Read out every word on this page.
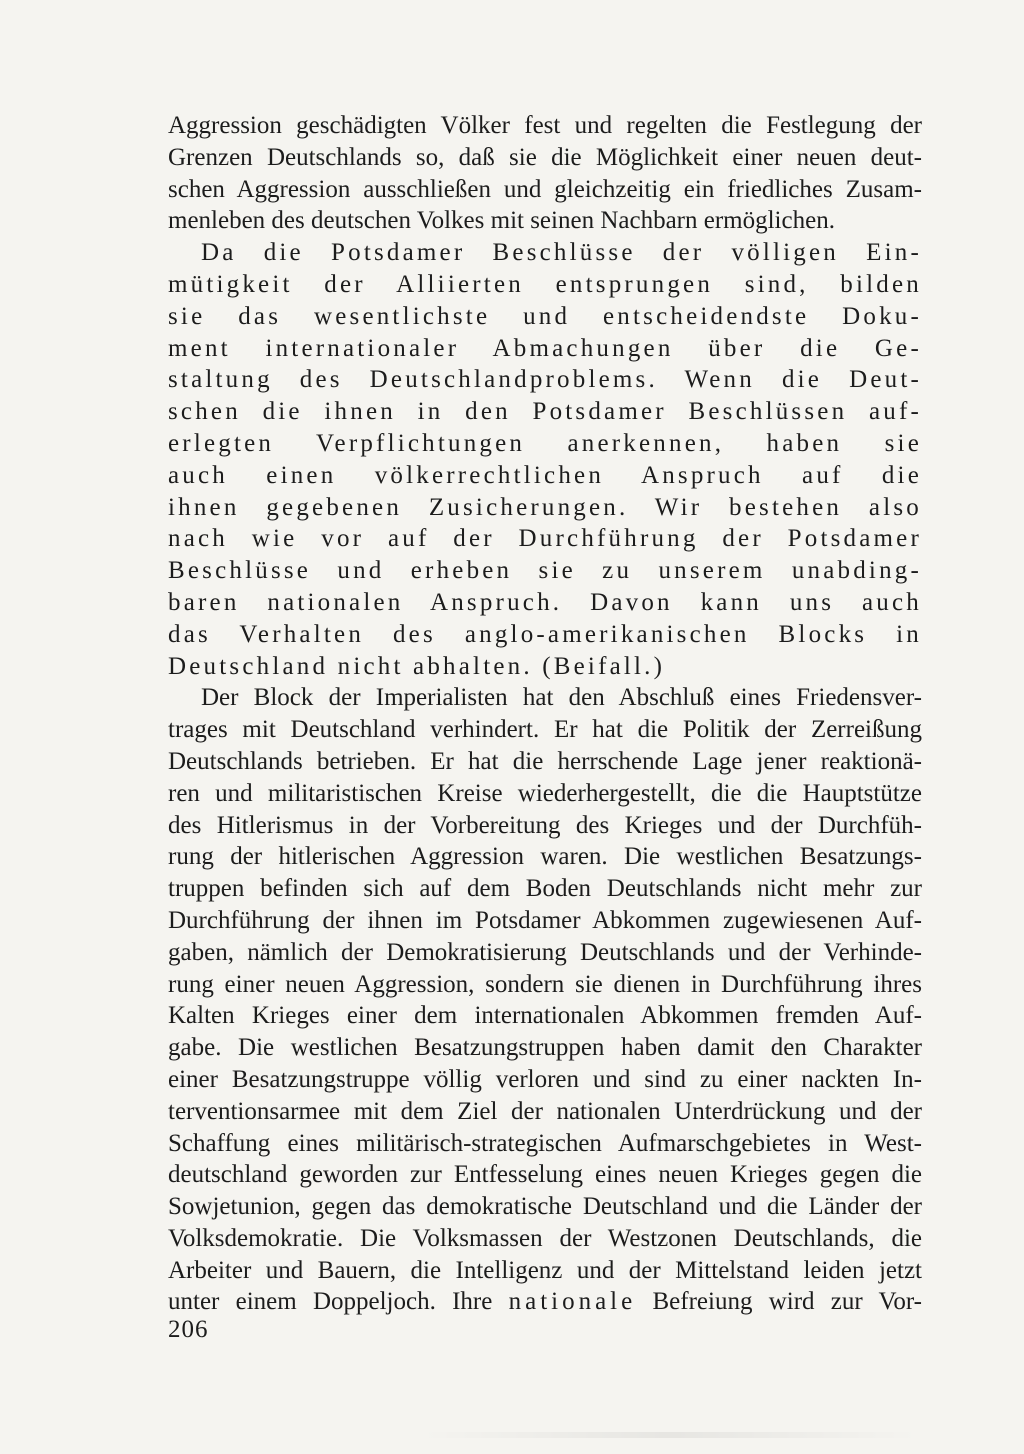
Aggression geschädigten Völker fest und regelten die Festlegung der
Grenzen Deutschlands so, daß sie die Möglichkeit einer neuen deut-
schen Aggression ausschließen und gleichzeitig ein friedliches Zusam-
menleben des deutschen Volkes mit seinen Nachbarn ermöglichen.
Da die Potsdamer Beschlüsse der völligen Ein-
mütigkeit der Alliierten entsprungen sind, bilden
sie das wesentlichste und entscheidendste Doku-
ment internationaler Abmachungen über die Ge-
staltung des Deutschlandproblems. Wenn die Deut-
schen die ihnen in den Potsdamer Beschlüssen auf-
erlegten Verpflichtungen anerkennen, haben sie
auch einen völkerrechtlichen Anspruch auf die
ihnen gegebenen Zusicherungen. Wir bestehen also
nach wie vor auf der Durchführung der Potsdamer
Beschlüsse und erheben sie zu unserem unabding-
baren nationalen Anspruch. Davon kann uns auch
das Verhalten des anglo-amerikanischen Blocks in
Deutschland nicht abhalten. (Beifall.)
Der Block der Imperialisten hat den Abschluß eines Friedensver-
trages mit Deutschland verhindert. Er hat die Politik der Zerreißung
Deutschlands betrieben. Er hat die herrschende Lage jener reaktionä-
ren und militaristischen Kreise wiederhergestellt, die die Hauptstütze
des Hitlerismus in der Vorbereitung des Krieges und der Durchfüh-
rung der hitlerischen Aggression waren. Die westlichen Besatzungs-
truppen befinden sich auf dem Boden Deutschlands nicht mehr zur
Durchführung der ihnen im Potsdamer Abkommen zugewiesenen Auf-
gaben, nämlich der Demokratisierung Deutschlands und der Verhinde-
rung einer neuen Aggression, sondern sie dienen in Durchführung ihres
Kalten Krieges einer dem internationalen Abkommen fremden Auf-
gabe. Die westlichen Besatzungstruppen haben damit den Charakter
einer Besatzungstruppe völlig verloren und sind zu einer nackten In-
terventionsarmee mit dem Ziel der nationalen Unterdrückung und der
Schaffung eines militärisch-strategischen Aufmarschgebietes in West-
deutschland geworden zur Entfesselung eines neuen Krieges gegen die
Sowjetunion, gegen das demokratische Deutschland und die Länder der
Volksdemokratie. Die Volksmassen der Westzonen Deutschlands, die
Arbeiter und Bauern, die Intelligenz und der Mittelstand leiden jetzt
unter einem Doppeljoch. Ihre nationale Befreiung wird zur Vor-
206
